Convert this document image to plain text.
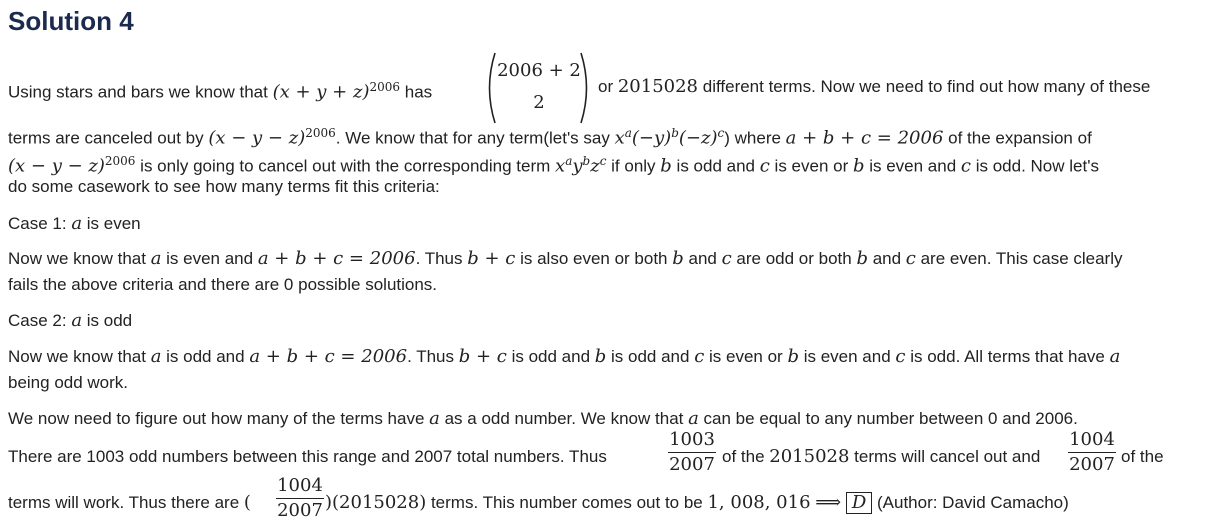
Solution 4
Using stars and bars we know that $(x + y + z)^{2006}$ has
2006 + 2
2
or 2015028 different terms. Now we need to find out how many of these
terms are canceled out by $(x - y - z)^{2006}$. We know that for any term(let's say $x^a(-y)^b(-z)^c$) where a + b + c = 2006 of the expansion of
$(x - y - z)^{2006}$ is only going to cancel out with the corresponding term $x^ay^bz^c$ if only b is odd and c is even or b is even and c is odd. Now let's
do some casework to see how many terms fit this criteria:
Case 1: a is even
Now we know that a is even and a + b + c = 2006. Thus b + c is also even or both b and c are odd or both b and c are even. This case clearly
fails the above criteria and there are 0 possible solutions.
Case 2: a is odd
Now we know that a is odd and a + b + c = 2006. Thus b + c is odd and b is odd and c is even or b is even and c is odd. All terms that have a
being odd work.
We now need to figure out how many of the terms have a as a odd number. We know that a can be equal to any number between 0 and 2006.
There are 1003 odd numbers between this range and 2007 total numbers. Thus
1003
2007 of the 2015028 terms will cancel out and
1004
2007 of the
terms will work. Thus there are (
1004
2007 )(2015028) terms. This number comes out to be 1, 008, 016 ⟹ D (Author: David Camacho)
